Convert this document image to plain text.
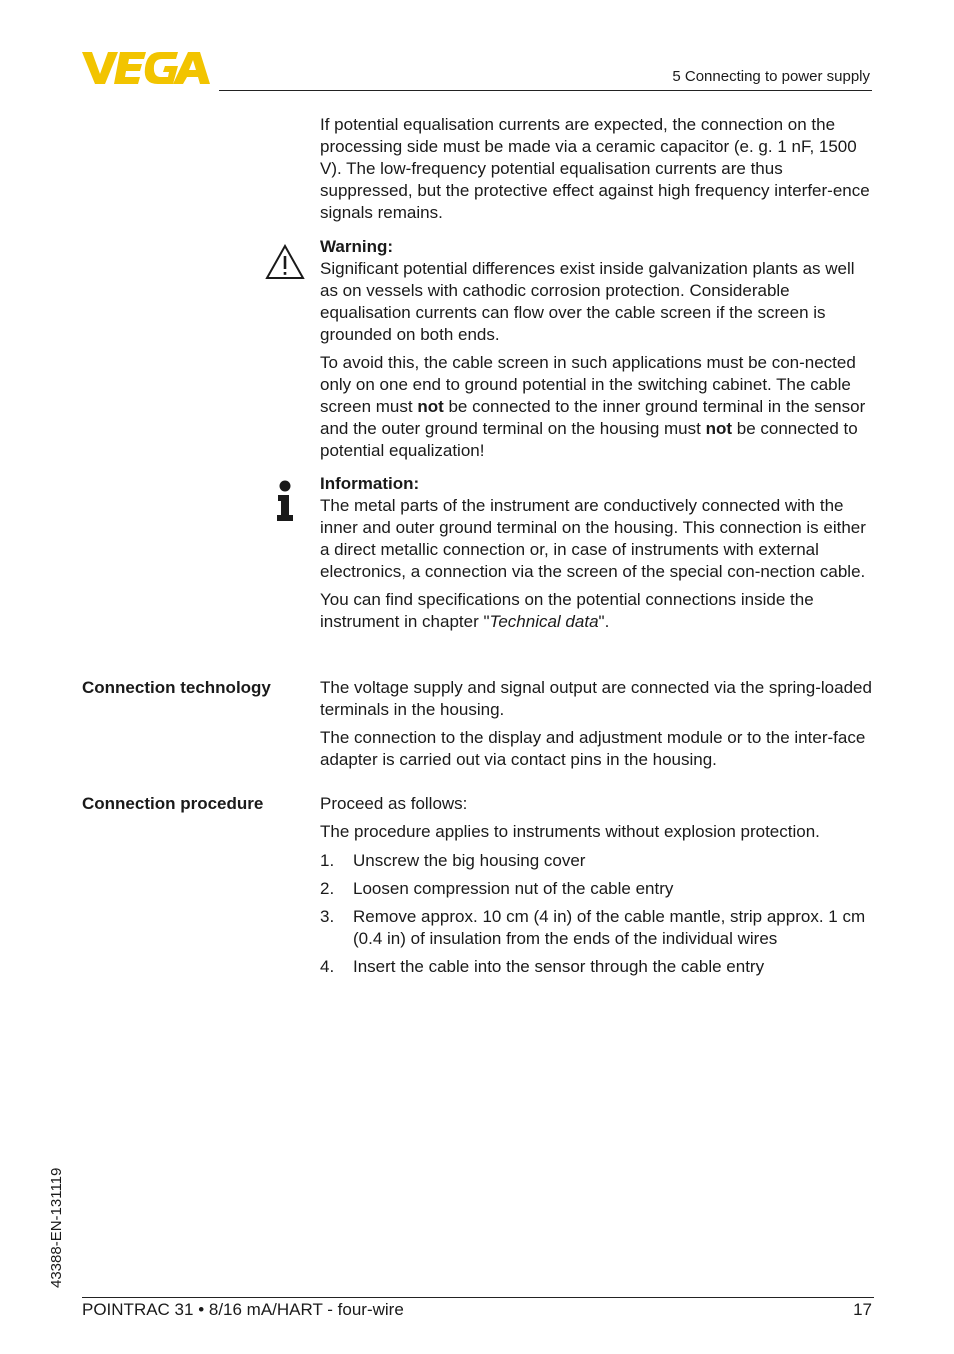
5 Connecting to power supply

If potential equalisation currents are expected, the connection on the processing side must be made via a ceramic capacitor (e. g. 1 nF, 1500 V). The low-frequency potential equalisation currents are thus suppressed, but the protective effect against high frequency interfer-ence signals remains.

Warning:

Significant potential differences exist inside galvanization plants as well as on vessels with cathodic corrosion protection. Considerable equalisation currents can flow over the cable screen if the screen is grounded on both ends.

To avoid this, the cable screen in such applications must be con-nected only on one end to ground potential in the switching cabinet. The cable screen must not be connected to the inner ground terminal in the sensor and the outer ground terminal on the housing must not be connected to potential equalization!

Information:

The metal parts of the instrument are conductively connected with the inner and outer ground terminal on the housing. This connection is either a direct metallic connection or, in case of instruments with external electronics, a connection via the screen of the special con-nection cable.

You can find specifications on the potential connections inside the instrument in chapter "Technical data".

Connection technology	The voltage supply and signal output are connected via the spring-loaded terminals in the housing.

The connection to the display and adjustment module or to the inter-face adapter is carried out via contact pins in the housing.

Connection procedure	Proceed as follows:

The procedure applies to instruments without explosion protection.

1. Unscrew the big housing cover
2. Loosen compression nut of the cable entry
3. Remove approx. 10 cm (4 in) of the cable mantle, strip approx. 1 cm (0.4 in) of insulation from the ends of the individual wires
4. Insert the cable into the sensor through the cable entry
43388-EN-131119
POINTRAC 31 • 8/16 mA/HART - four-wire	17
